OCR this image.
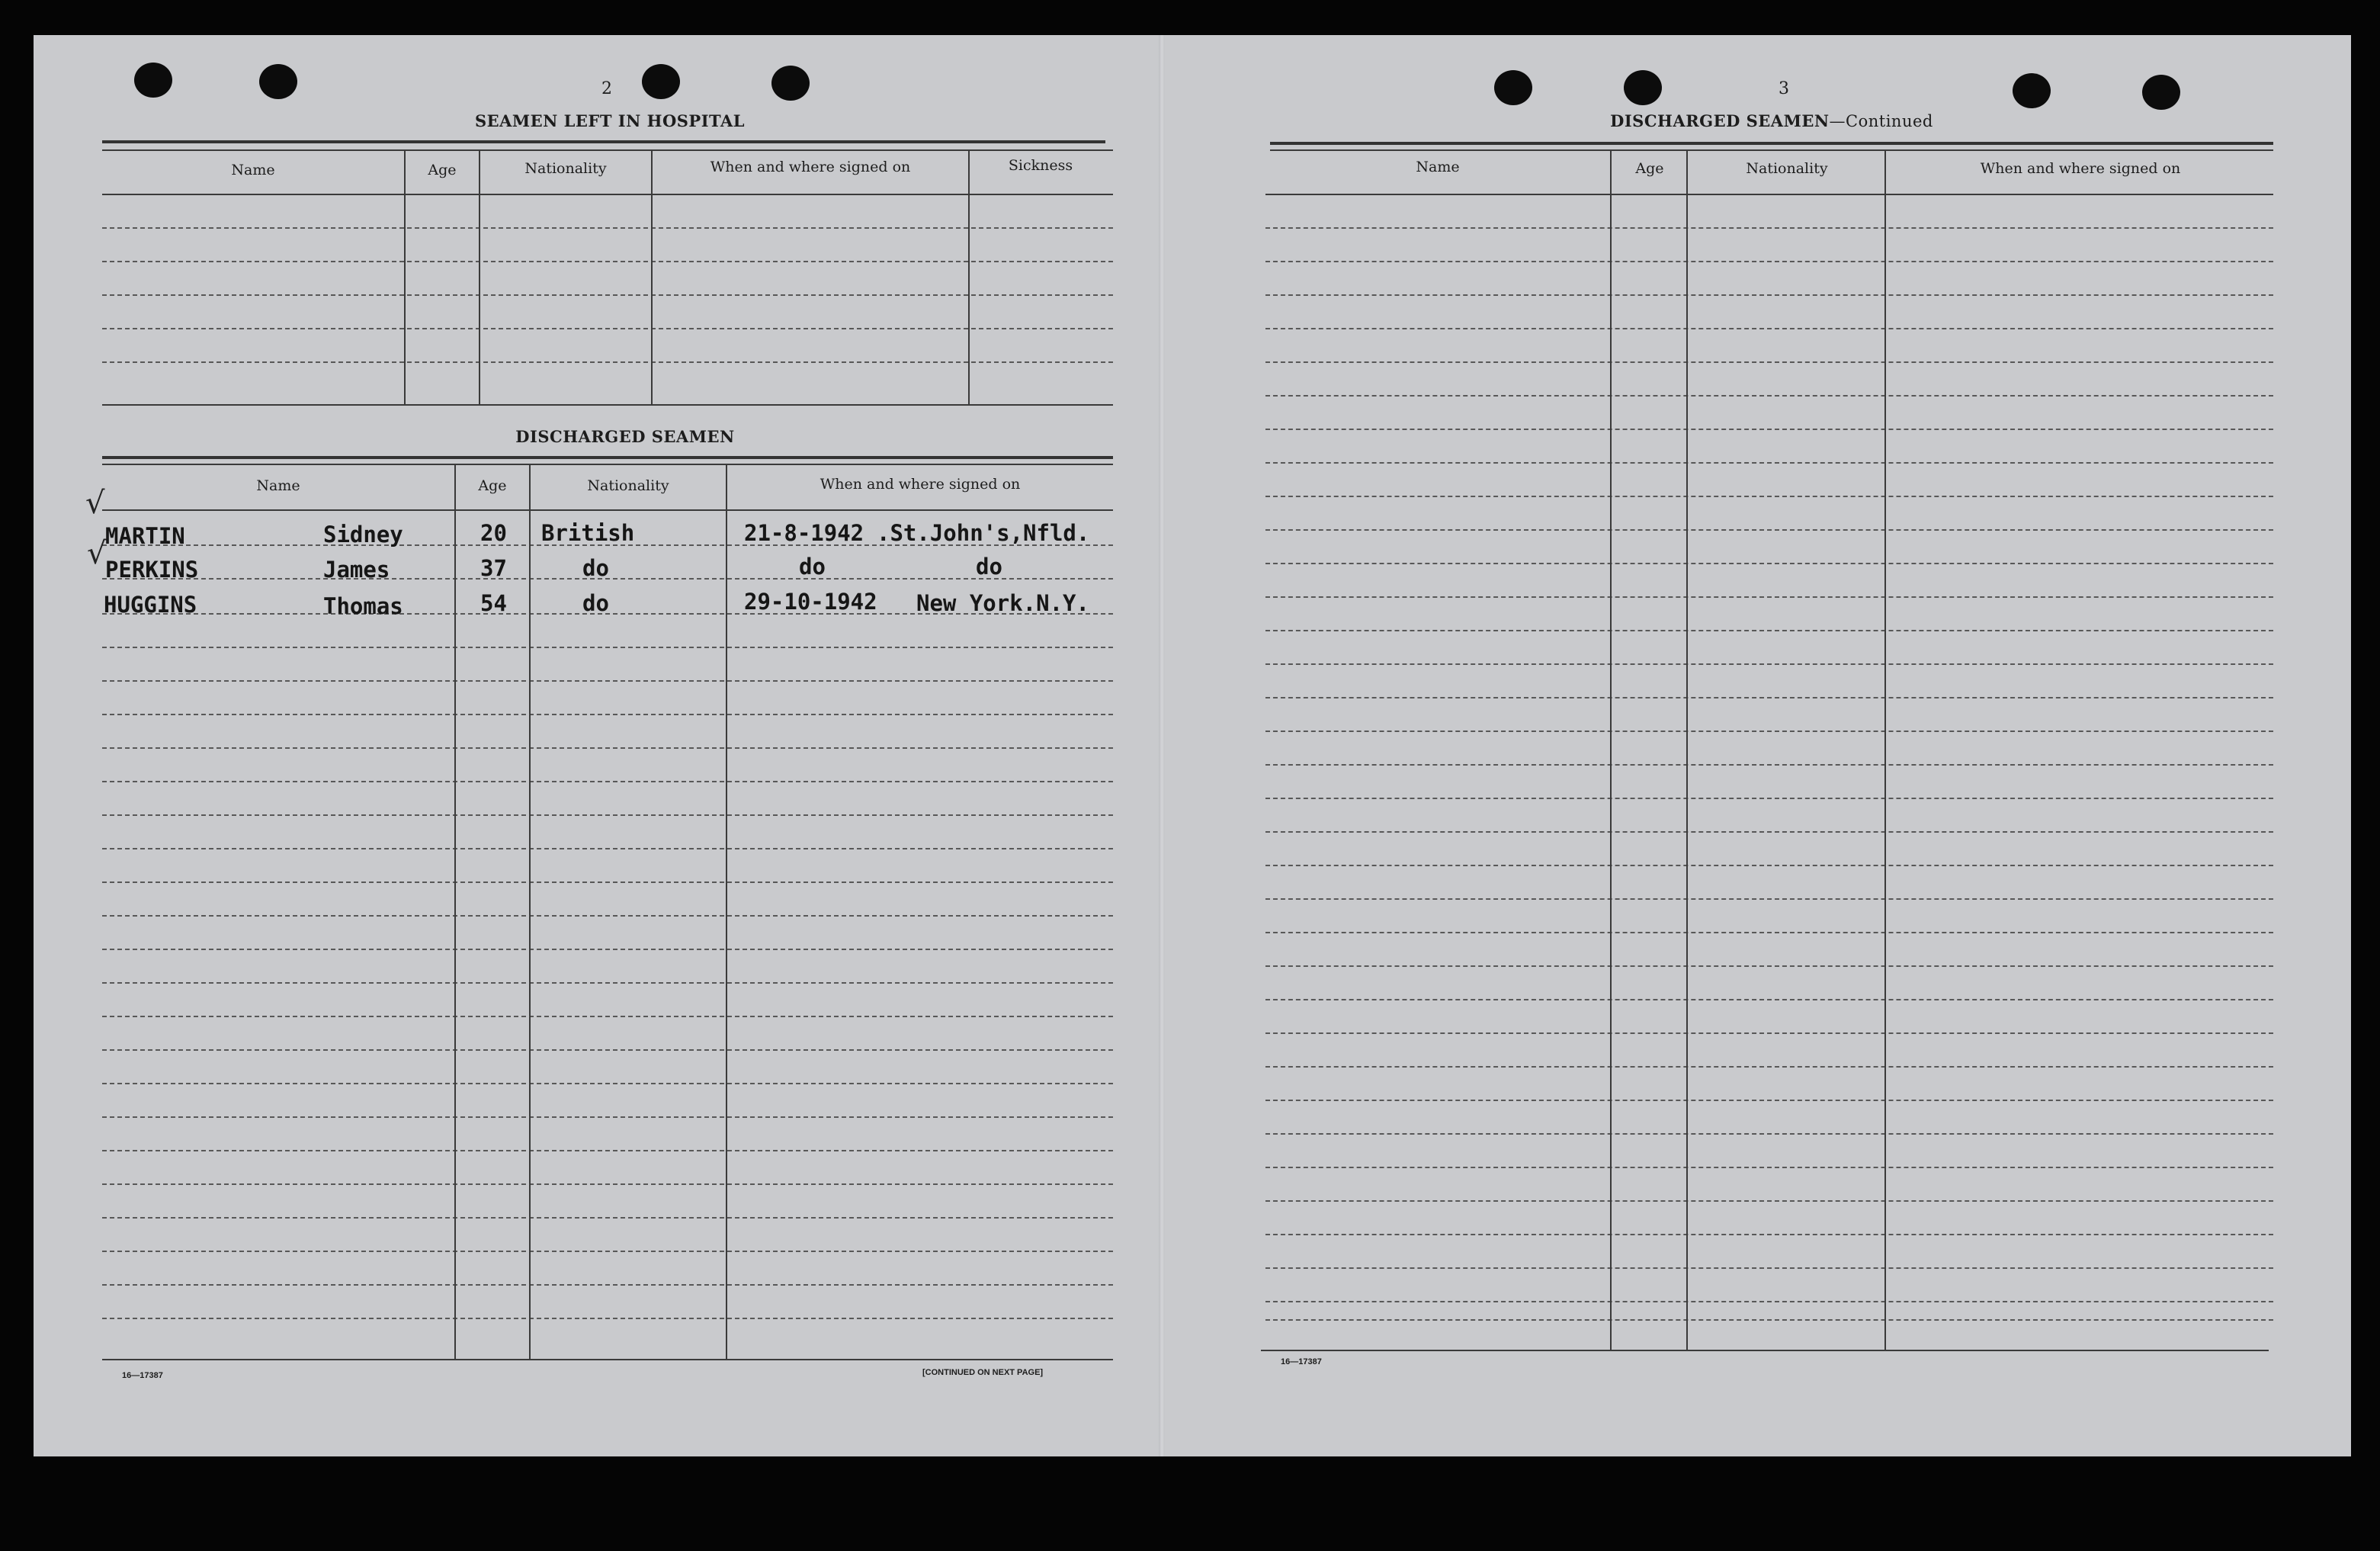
2
SEAMEN LEFT IN HOSPITAL
Name	Age	Nationality	When and where signed on	Sickness
DISCHARGED SEAMEN
Name	Age	Nationality	When and where signed on
√
MARTIN	Sidney	20 British	21-8-1942 .St.John's,Nfld.
√
PERKINS	James	37	do	do	do
HUGGINS	Thomas	54	do	29-10-1942 New York.N.Y.
16—17387	[CONTINUED ON NEXT PAGE]
3
DISCHARGED SEAMEN—Continued
Name	Age	Nationality	When and where signed on
16—17387
